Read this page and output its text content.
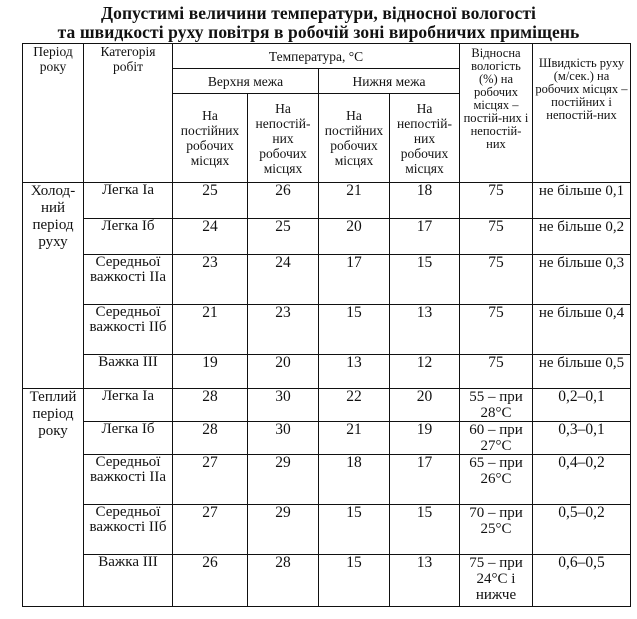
Допустимі величини температури, відносної вологості
та швидкості руху повітря в робочій зоні виробничих приміщень
Період року	Категорія робіт	Температура, °С				Відносна вологість (%) на робочих місцях – постій-них і непостій-них	Швидкість руху (м/сек.) на робочих місцях – постійних і непостій-них
		Верхня межа		Нижня межа			
		На постійних робочих місцях	На непостій-них робочих місцях	На постійних робочих місцях	На непостій-них робочих місцях		
Холод-ний період руху	Легка Іа	25	26	21	18	75	не більше 0,1
	Легка Іб	24	25	20	17	75	не більше 0,2
	Середньої важкості ІІа	23	24	17	15	75	не більше 0,3
	Середньої важкості ІІб	21	23	15	13	75	не більше 0,4
	Важка ІІІ	19	20	13	12	75	не більше 0,5
Теплий період року	Легка Іа	28	30	22	20	55 – при 28°С	0,2–0,1
	Легка Іб	28	30	21	19	60 – при 27°С	0,3–0,1
	Середньої важкості ІІа	27	29	18	17	65 – при 26°С	0,4–0,2
	Середньої важкості ІІб	27	29	15	15	70 – при 25°С	0,5–0,2
	Важка ІІІ	26	28	15	13	75 – при 24°С і нижче	0,6–0,5
